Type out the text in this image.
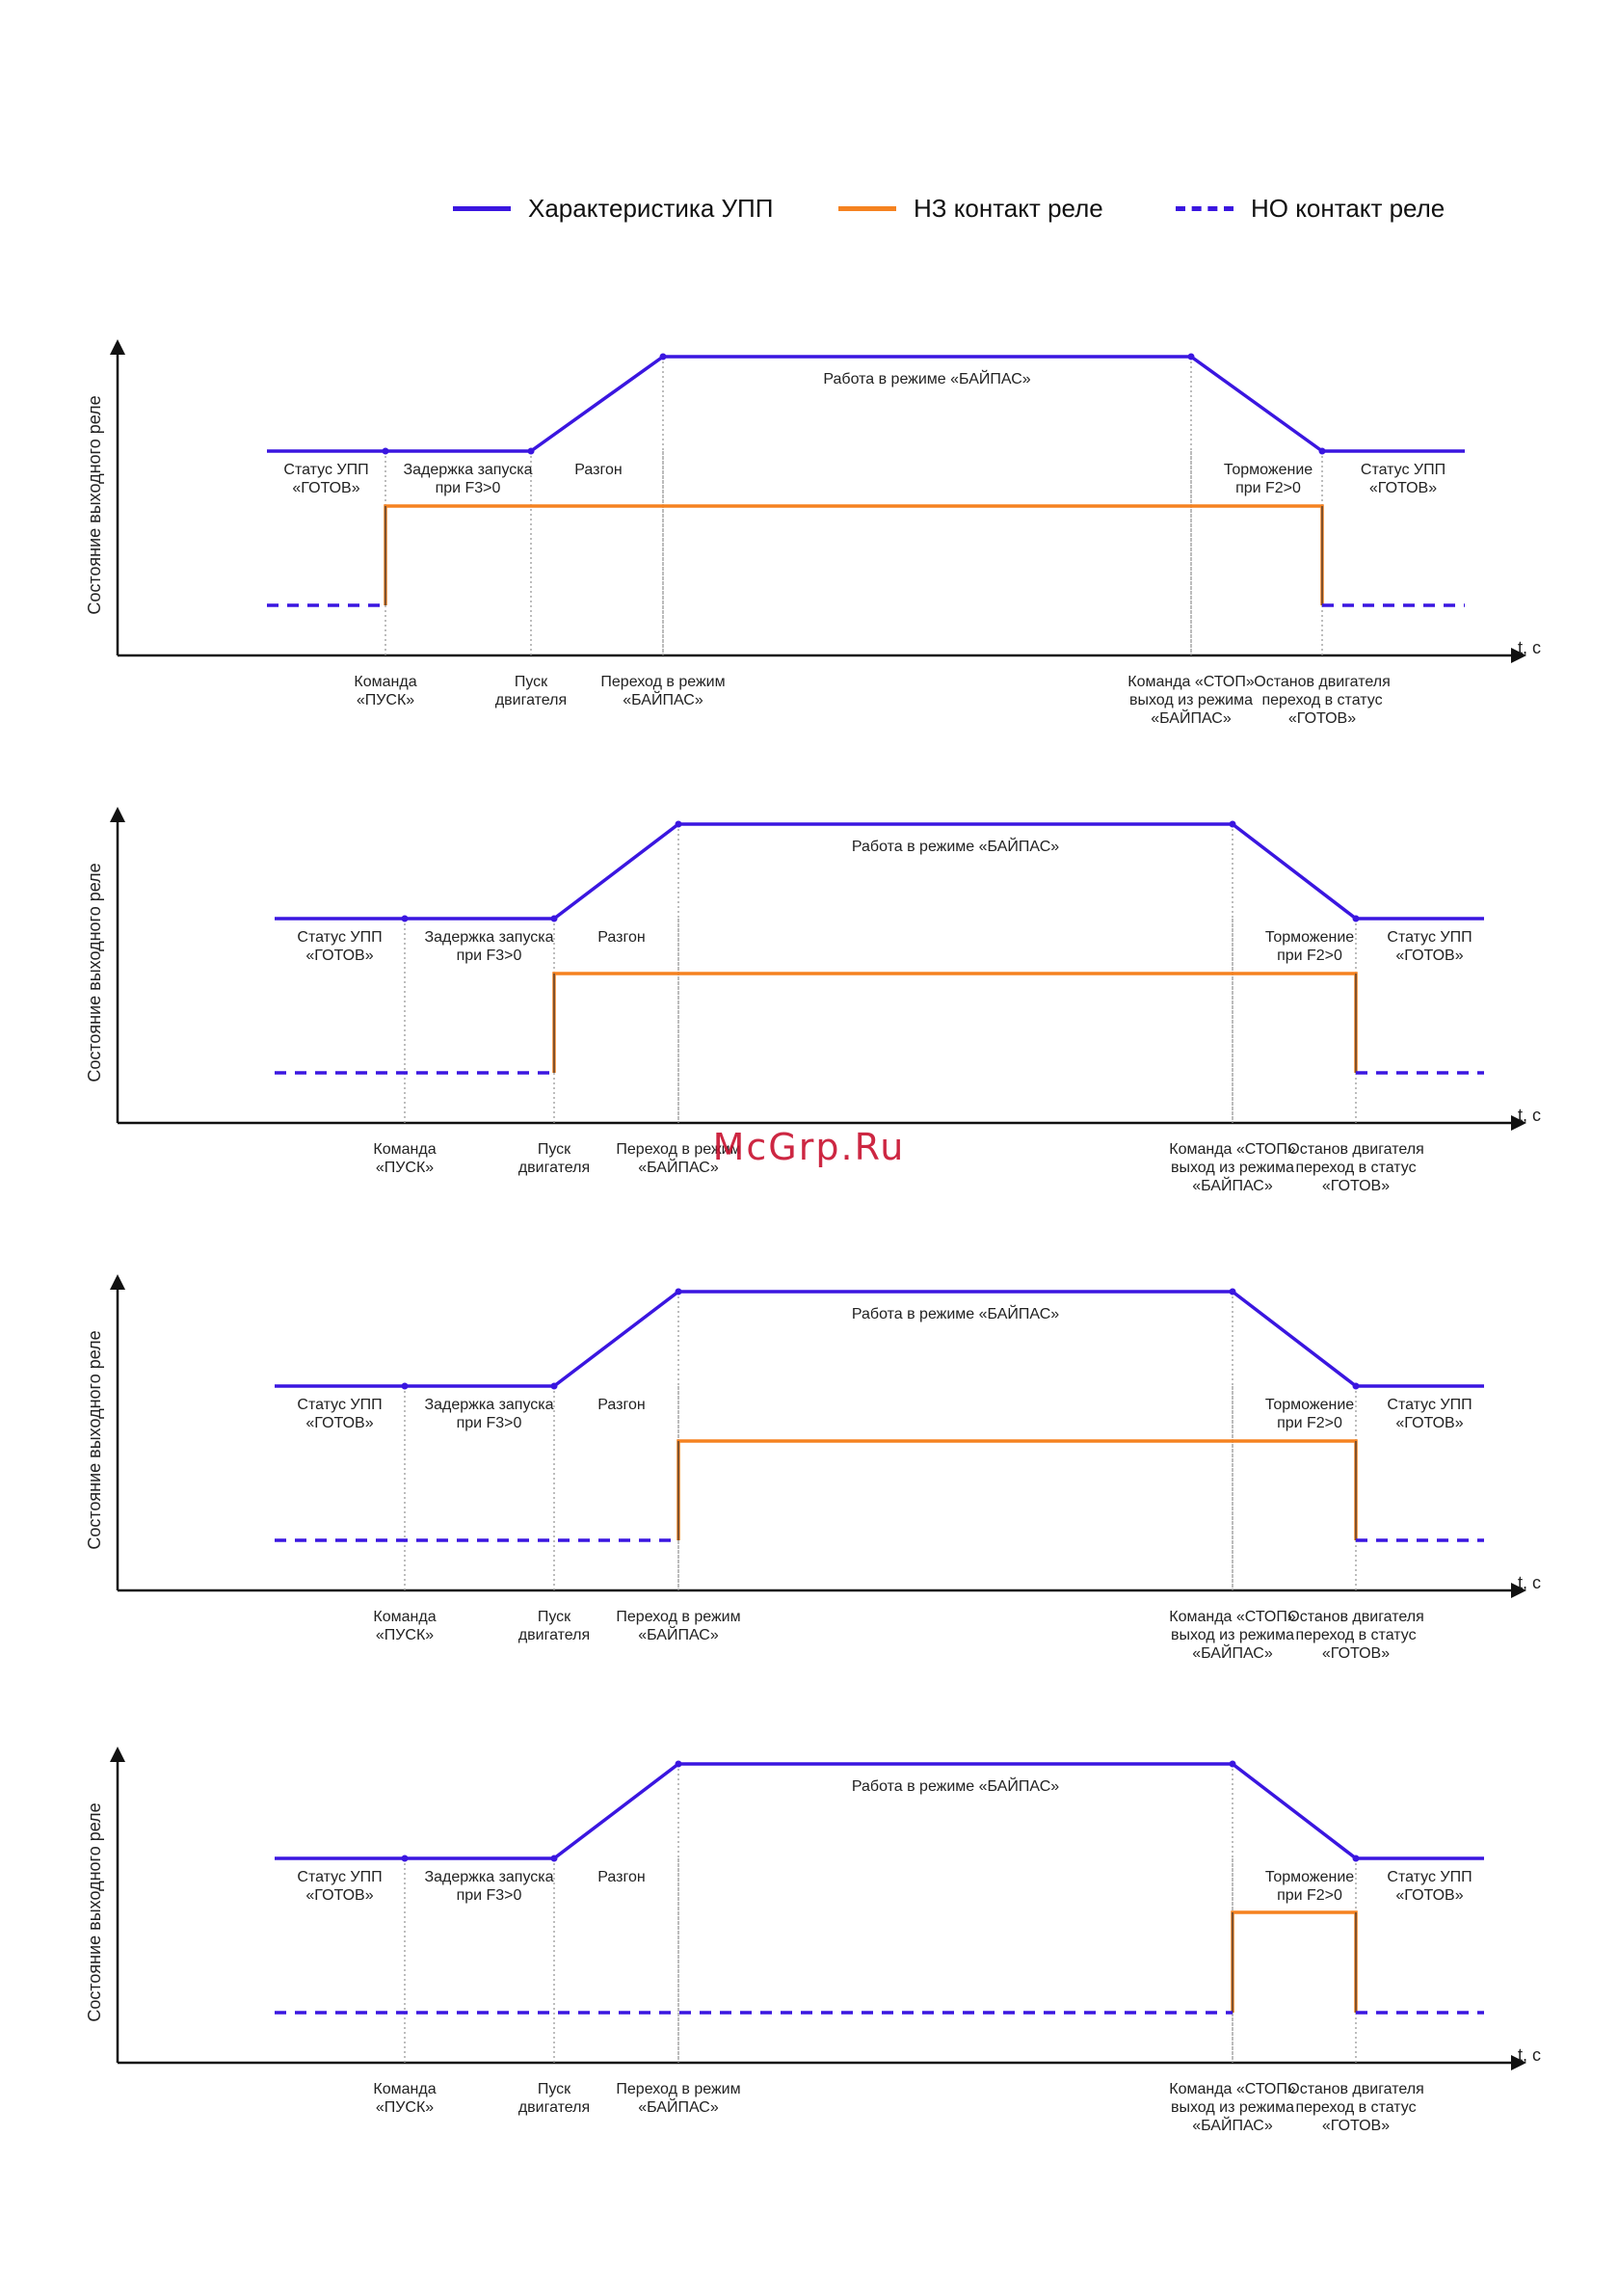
Характеристика УПП	НЗ контакт реле	НО контакт реле
t, с
Состояние выходного реле	Статус УПП «ГОТОВ»
Задержка запуска при F3>0
Разгон
Работа в режиме «БАЙПАС»
Торможение при F2>0
Статус УПП «ГОТОВ»
Команда «ПУСК»
Пуск двигателя
Переход в режим «БАЙПАС»
Команда «СТОП» выход из режима «БАЙПАС»
Останов двигателя переход в статус «ГОТОВ»
t, с
Состояние выходного реле	Статус УПП «ГОТОВ»
Задержка запуска при F3>0
Разгон
Работа в режиме «БАЙПАС»
Торможение при F2>0
Статус УПП «ГОТОВ»
Команда «ПУСК»
Пуск двигателя
Переход в режим «БАЙПАС»
Команда «СТОП» выход из режима «БАЙПАС»
Останов двигателя переход в статус «ГОТОВ»
t, с
Состояние выходного реле	Статус УПП «ГОТОВ»
Задержка запуска при F3>0
Разгон
Работа в режиме «БАЙПАС»
Торможение при F2>0
Статус УПП «ГОТОВ»
Команда «ПУСК»
Пуск двигателя
Переход в режим «БАЙПАС»
Команда «СТОП» выход из режима «БАЙПАС»
Останов двигателя переход в статус «ГОТОВ»
t, с
Состояние выходного реле	Статус УПП «ГОТОВ»
Задержка запуска при F3>0
Разгон
Работа в режиме «БАЙПАС»
Торможение при F2>0
Статус УПП «ГОТОВ»
Команда «ПУСК»
Пуск двигателя
Переход в режим «БАЙПАС»
Команда «СТОП» выход из режима «БАЙПАС»
Останов двигателя переход в статус «ГОТОВ»
McGrp.Ru
